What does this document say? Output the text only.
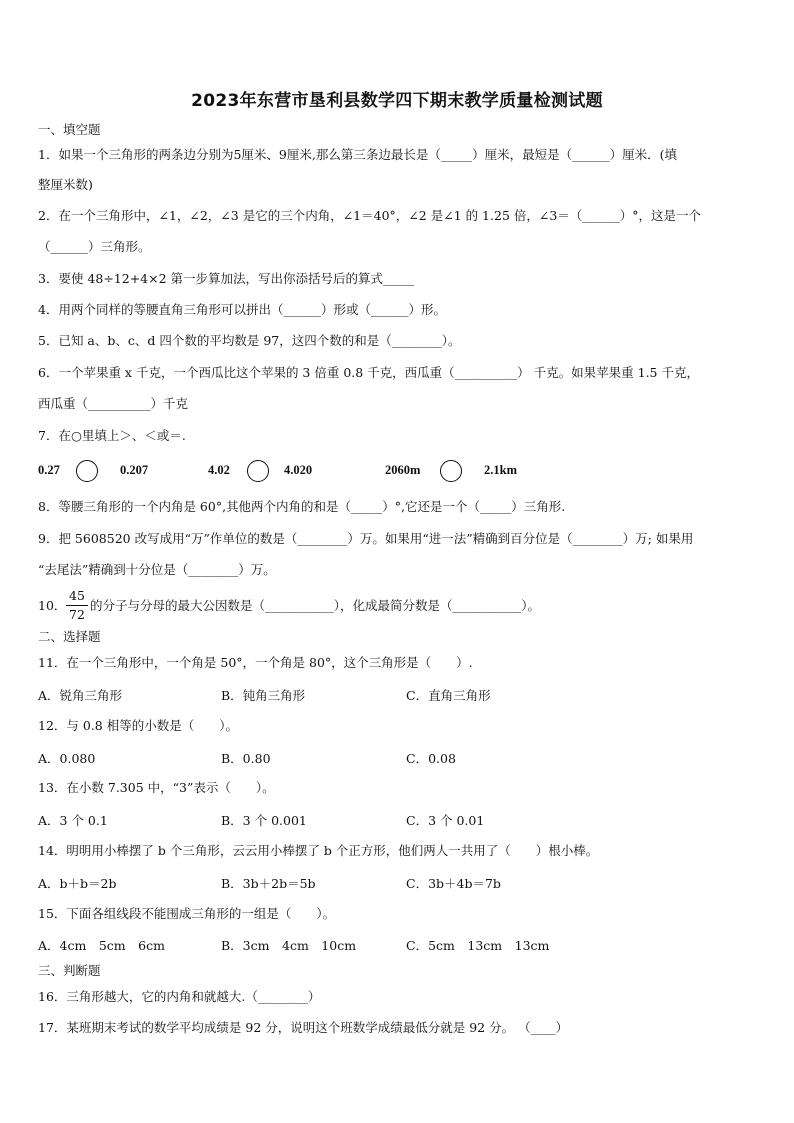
2023年东营市垦利县数学四下期末教学质量检测试题
一、填空题
1．如果一个三角形的两条边分别为5厘米、9厘米,那么第三条边最长是（_____）厘米，最短是（______）厘米．(填
整厘米数)
2．在一个三角形中，∠1，∠2，∠3 是它的三个内角，∠1＝40°，∠2 是∠1 的 1.25 倍，∠3＝（______）°，这是一个
（______）三角形。
3．要使 48÷12+4×2 第一步算加法，写出你添括号后的算式_____
4．用两个同样的等腰直角三角形可以拼出（______）形或（______）形。
5．已知 a、b、c、d 四个数的平均数是 97，这四个数的和是（________）。
6．一个苹果重 x 千克，一个西瓜比这个苹果的 3 倍重 0.8 千克，西瓜重（__________） 千克。如果苹果重 1.5 千克，
西瓜重（__________）千克
7．在○里填上＞、＜或＝.
0.27	0.207	4.02	4.020	2060m	2.1km
8．等腰三角形的一个内角是 60°,其他两个内角的和是（_____）°,它还是一个（_____）三角形.
9．把 5608520 改写成用“万”作单位的数是（________）万。如果用“进一法”精确到百分位是（________）万; 如果用
“去尾法”精确到十分位是（________）万。
10．
45
72
的分子与分母的最大公因数是（___________），化成最简分数是（___________）。
二、选择题
11．在一个三角形中，一个角是 50°，一个角是 80°，这个三角形是（　　）.
A．锐角三角形	B．钝角三角形	C．直角三角形
12．与 0.8 相等的小数是（　　）。
A．0.080	B．0.80	C．0.08
13．在小数 7.305 中，“3”表示（　　）。
A．3 个 0.1	B．3 个 0.001	C．3 个 0.01
14．明明用小棒摆了 b 个三角形，云云用小棒摆了 b 个正方形，他们两人一共用了（　　）根小棒。
A．b＋b＝2b	B．3b＋2b＝5b	C．3b＋4b＝7b
15．下面各组线段不能围成三角形的一组是（　　）。
A．4cm　5cm　6cm	B．3cm　4cm　10cm	C．5cm　13cm　13cm
三、判断题
16．三角形越大，它的内角和就越大.（________）
17．某班期末考试的数学平均成绩是 92 分，说明这个班数学成绩最低分就是 92 分。 （____）
